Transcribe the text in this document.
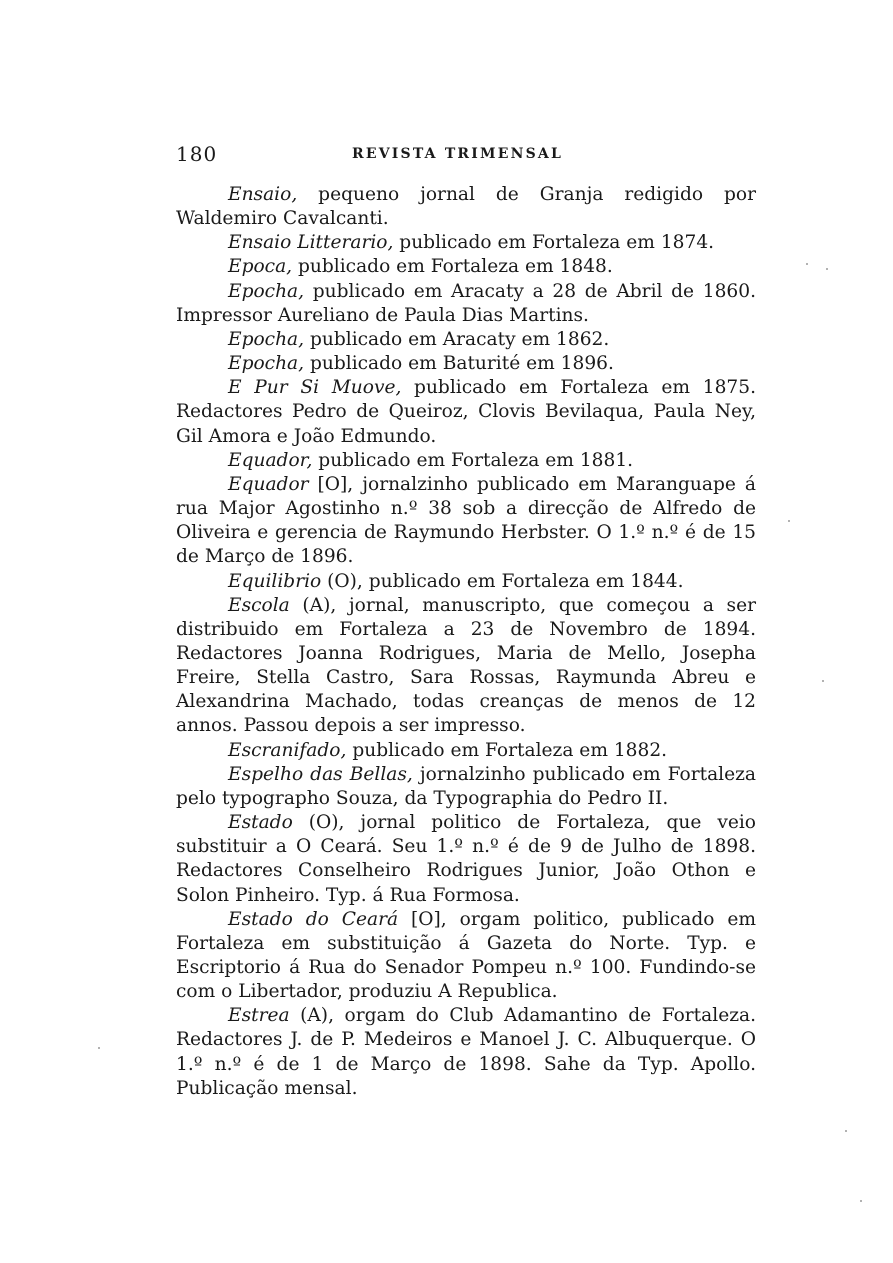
180	REVISTA TRIMENSAL

Ensaio, pequeno jornal de Granja redigido por Waldemiro Cavalcanti.

Ensaio Litterario, publicado em Fortaleza em 1874.

Epoca, publicado em Fortaleza em 1848.

Epocha, publicado em Aracaty a 28 de Abril de 1860. Impressor Aureliano de Paula Dias Martins.

Epocha, publicado em Aracaty em 1862.

Epocha, publicado em Baturité em 1896.

E Pur Si Muove, publicado em Fortaleza em 1875. Redactores Pedro de Queiroz, Clovis Bevilaqua, Paula Ney, Gil Amora e João Edmundo.

Equador, publicado em Fortaleza em 1881.

Equador [O], jornalzinho publicado em Maranguape á rua Major Agostinho n.º 38 sob a direcção de Alfredo de Oliveira e gerencia de Raymundo Herbster. O 1.º n.º é de 15 de Março de 1896.

Equilibrio (O), publicado em Fortaleza em 1844.

Escola (A), jornal, manuscripto, que começou a ser distribuido em Fortaleza a 23 de Novembro de 1894. Redactores Joanna Rodrigues, Maria de Mello, Josepha Freire, Stella Castro, Sara Rossas, Raymunda Abreu e Alexandrina Machado, todas creanças de menos de 12 annos. Passou depois a ser impresso.

Escranifado, publicado em Fortaleza em 1882.

Espelho das Bellas, jornalzinho publicado em Fortaleza pelo typographo Souza, da Typographia do Pedro II.

Estado (O), jornal politico de Fortaleza, que veio substituir a O Ceará. Seu 1.º n.º é de 9 de Julho de 1898. Redactores Conselheiro Rodrigues Junior, João Othon e Solon Pinheiro. Typ. á Rua Formosa.

Estado do Ceará [O], orgam politico, publicado em Fortaleza em substituição á Gazeta do Norte. Typ. e Escriptorio á Rua do Senador Pompeu n.º 100. Fundindo-se com o Libertador, produziu A Republica.

Estrea (A), orgam do Club Adamantino de Fortaleza. Redactores J. de P. Medeiros e Manoel J. C. Albuquerque. O 1.º n.º é de 1 de Março de 1898. Sahe da Typ. Apollo. Publicação mensal.
